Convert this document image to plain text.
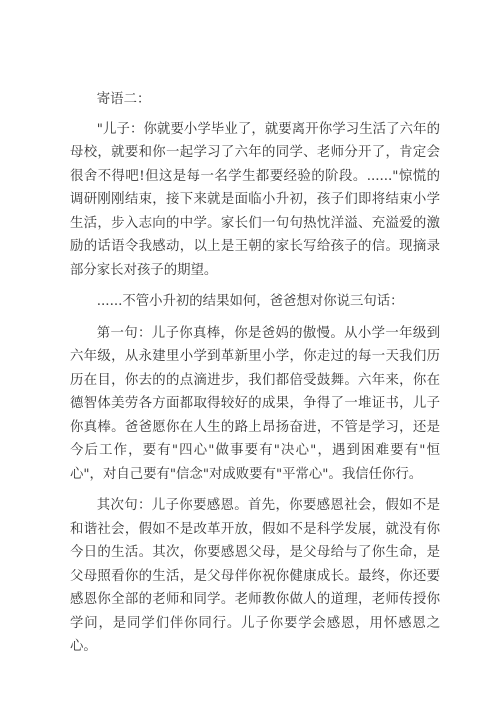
寄语二：

"儿子：你就要小学毕业了，就要离开你学习生活了六年的母校，就要和你一起学习了六年的同学、老师分开了，肯定会很舍不得吧!但这是每一名学生都要经验的阶段。......"惊慌的调研刚刚结束，接下来就是面临小升初，孩子们即将结束小学生活，步入志向的中学。家长们一句句热忱洋溢、充溢爱的激励的话语令我感动，以上是王朝的家长写给孩子的信。现摘录部分家长对孩子的期望。

......不管小升初的结果如何，爸爸想对你说三句话：

第一句：儿子你真棒，你是爸妈的傲慢。从小学一年级到六年级，从永建里小学到革新里小学，你走过的每一天我们历历在目，你去的的点滴进步，我们都倍受鼓舞。六年来，你在德智体美劳各方面都取得较好的成果，争得了一堆证书，儿子你真棒。爸爸愿你在人生的路上昂扬奋进，不管是学习，还是今后工作，要有"四心"做事要有"决心"，遇到困难要有"恒心"，对自己要有"信念"对成败要有"平常心"。我信任你行。

其次句：儿子你要感恩。首先，你要感恩社会，假如不是和谐社会，假如不是改革开放，假如不是科学发展，就没有你今日的生活。其次，你要感恩父母，是父母给与了你生命，是父母照看你的生活，是父母伴你祝你健康成长。最终，你还要感恩你全部的老师和同学。老师教你做人的道理，老师传授你学问，是同学们伴你同行。儿子你要学会感恩，用怀感恩之心。
